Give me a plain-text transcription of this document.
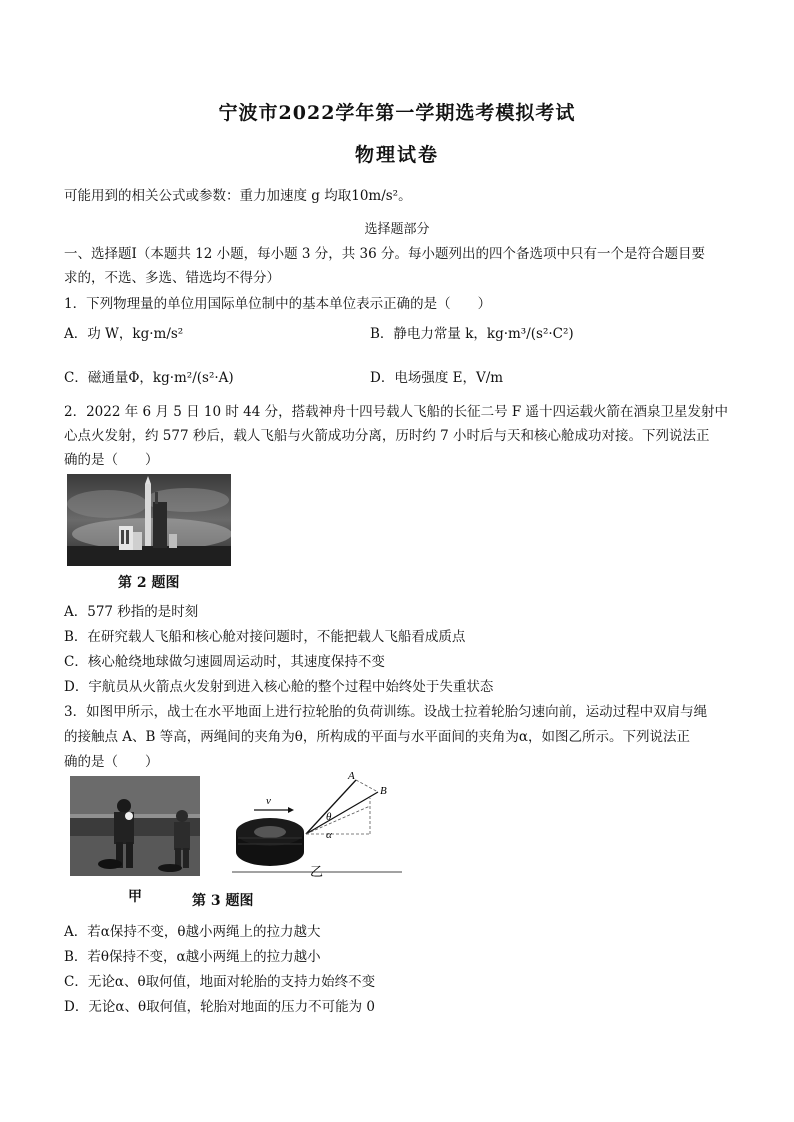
宁波市2022学年第一学期选考模拟考试
物理试卷
可能用到的相关公式或参数：重力加速度 g 均取10m/s²。
选择题部分
一、选择题Ⅰ（本题共 12 小题，每小题 3 分，共 36 分。每小题列出的四个备选项中只有一个是符合题目要
求的，不选、多选、错选均不得分）
1．下列物理量的单位用国际单位制中的基本单位表示正确的是（　　）
A．功 W，kg·m/s²	B．静电力常量 k，kg·m³/(s²·C²)
C．磁通量Φ，kg·m²/(s²·A)	D．电场强度 E，V/m
2．2022 年 6 月 5 日 10 时 44 分，搭载神舟十四号载人飞船的长征二号 F 遥十四运载火箭在酒泉卫星发射中
心点火发射，约 577 秒后，载人飞船与火箭成功分离，历时约 7 小时后与天和核心舱成功对接。下列说法正
确的是（　　）
第 2 题图
A．577 秒指的是时刻
B．在研究载人飞船和核心舱对接问题时，不能把载人飞船看成质点
C．核心舱绕地球做匀速圆周运动时，其速度保持不变
D．宇航员从火箭点火发射到进入核心舱的整个过程中始终处于失重状态
3．如图甲所示，战士在水平地面上进行拉轮胎的负荷训练。设战士拉着轮胎匀速向前，运动过程中双肩与绳
的接触点 A、B 等高，两绳间的夹角为θ，所构成的平面与水平面间的夹角为α，如图乙所示。下列说法正
确的是（　　）
v
A
B
θ
α
乙
甲	第 3 题图
A．若α保持不变，θ越小两绳上的拉力越大
B．若θ保持不变，α越小两绳上的拉力越小
C．无论α、θ取何值，地面对轮胎的支持力始终不变
D．无论α、θ取何值，轮胎对地面的压力不可能为 0
